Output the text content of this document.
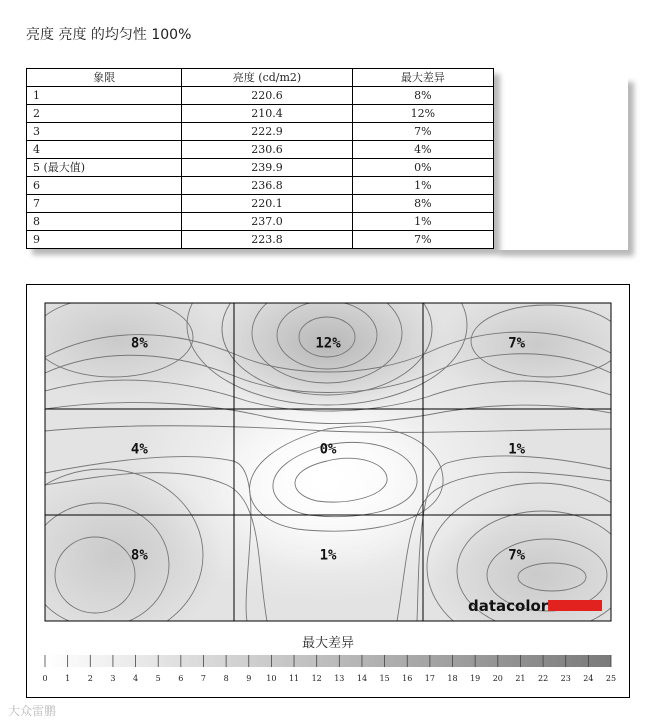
亮度 亮度 的均匀性 100%
象限	亮度 (cd/m2)	最大差异
1	220.6	8%
2	210.4	12%
3	222.9	7%
4	230.6	4%
5 (最大值)	239.9	0%
6	236.8	1%
7	220.1	8%
8	237.0	1%
9	223.8	7%
8%	12%	7%
4%	0%	1%
8%	1%	7%
datacolor
最大差异
0 1 2 3 4 5 6 7 8 9 10 11 12 13 14 15 16 17 18 19 20 21 22 23 24 25
大众雷鹏
